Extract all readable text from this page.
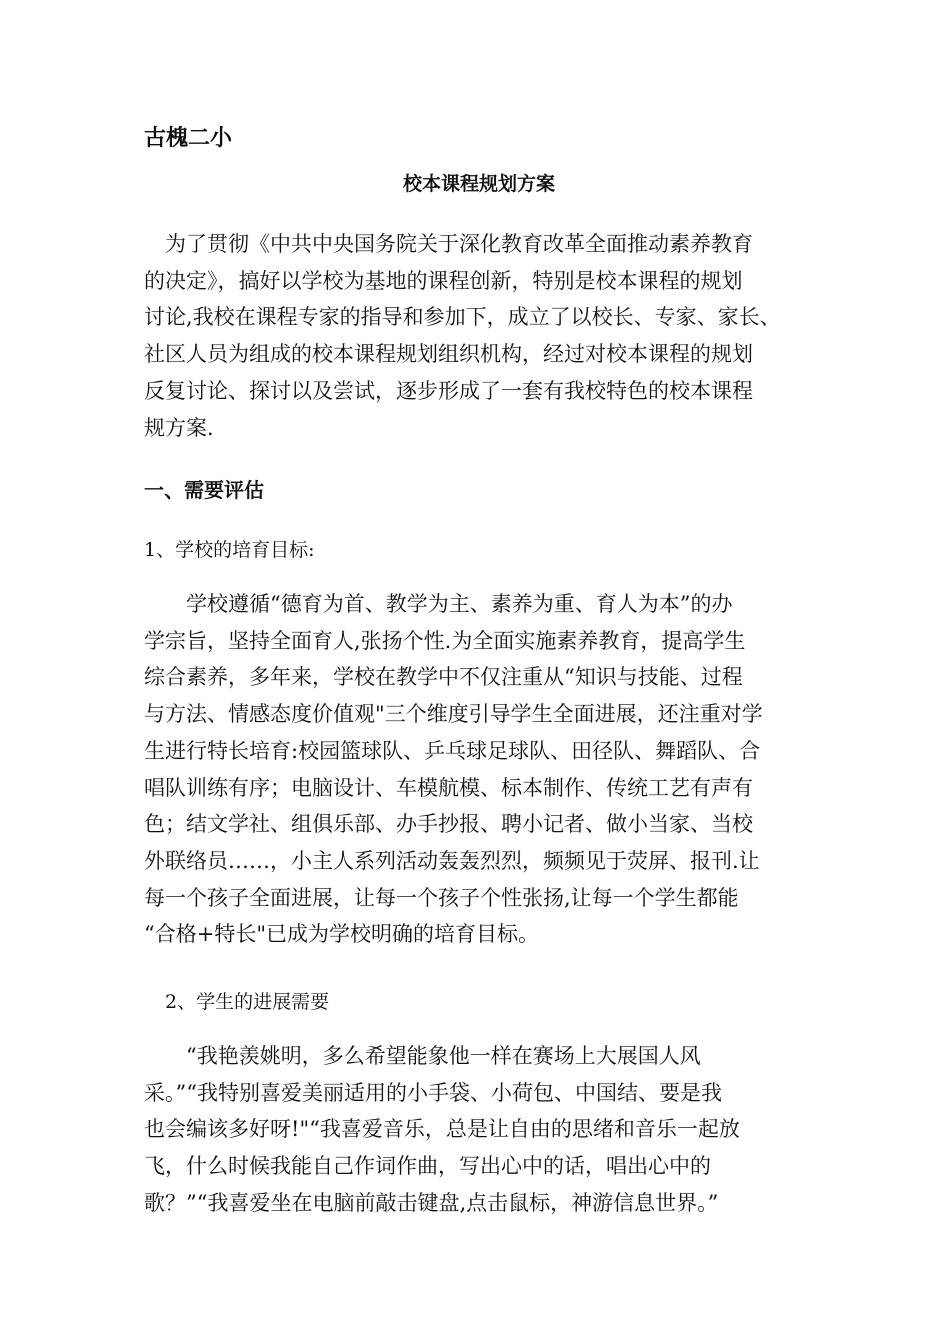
古槐二小
校本课程规划方案
　为了贯彻《中共中央国务院关于深化教育改革全面推动素养教育
的决定》，搞好以学校为基地的课程创新，特别是校本课程的规划
讨论,我校在课程专家的指导和参加下，成立了以校长、专家、家长、
社区人员为组成的校本课程规划组织机构，经过对校本课程的规划
反复讨论、探讨以及尝试，逐步形成了一套有我校特色的校本课程
规方案.
一、需要评估
1、学校的培育目标:
　　学校遵循“德育为首、教学为主、素养为重、育人为本”的办
学宗旨，坚持全面育人,张扬个性.为全面实施素养教育，提高学生
综合素养，多年来，学校在教学中不仅注重从“知识与技能、过程
与方法、情感态度价值观"三个维度引导学生全面进展，还注重对学
生进行特长培育:校园篮球队、乒乓球足球队、田径队、舞蹈队、合
唱队训练有序；电脑设计、车模航模、标本制作、传统工艺有声有
色；结文学社、组俱乐部、办手抄报、聘小记者、做小当家、当校
外联络员……，小主人系列活动轰轰烈烈，频频见于荧屏、报刊.让
每一个孩子全面进展，让每一个孩子个性张扬,让每一个学生都能
“合格+特长"已成为学校明确的培育目标。
2、学生的进展需要
　　“我艳羡姚明，多么希望能象他一样在赛场上大展国人风
采。”“我特别喜爱美丽适用的小手袋、小荷包、中国结、要是我
也会编该多好呀!"“我喜爱音乐，总是让自由的思绪和音乐一起放
飞，什么时候我能自己作词作曲，写出心中的话，唱出心中的
歌？”“我喜爱坐在电脑前敲击键盘,点击鼠标，神游信息世界。”
